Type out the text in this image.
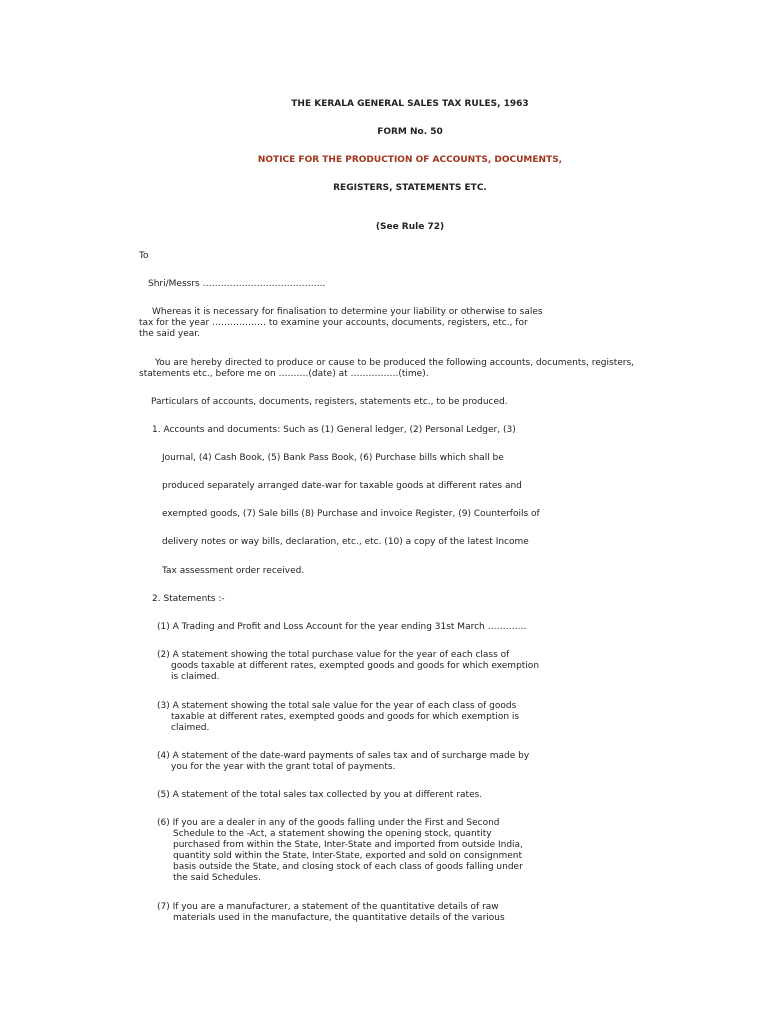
THE KERALA GENERAL SALES TAX RULES, 1963
FORM No. 50
NOTICE FOR THE PRODUCTION OF ACCOUNTS, DOCUMENTS,
REGISTERS, STATEMENTS ETC.
(See Rule 72)
To
Shri/Messrs …………………………………..
Whereas it is necessary for finalisation to determine your liability or otherwise to sales
tax for the year ……………… to examine your accounts, documents, registers, etc., for
the said year.
You are hereby directed to produce or cause to be produced the following accounts, documents, registers,
statements etc., before me on ……….(date) at …………….(time).
Particulars of accounts, documents, registers, statements etc., to be produced.
1. Accounts and documents: Such as (1) General ledger, (2) Personal Ledger, (3)
Journal, (4) Cash Book, (5) Bank Pass Book, (6) Purchase bills which shall be
produced separately arranged date-war for taxable goods at different rates and
exempted goods, (7) Sale bills (8) Purchase and invoice Register, (9) Counterfoils of
delivery notes or way bills, declaration, etc., etc. (10) a copy of the latest Income
Tax assessment order received.
2. Statements :-
(1) A Trading and Profit and Loss Account for the year ending 31st March ………….
(2) A statement showing the total purchase value for the year of each class of
goods taxable at different rates, exempted goods and goods for which exemption
is claimed.
(3) A statement showing the total sale value for the year of each class of goods
taxable at different rates, exempted goods and goods for which exemption is
claimed.
(4) A statement of the date-ward payments of sales tax and of surcharge made by
you for the year with the grant total of payments.
(5) A statement of the total sales tax collected by you at different rates.
(6) If you are a dealer in any of the goods falling under the First and Second
Schedule to the -Act, a statement showing the opening stock, quantity
purchased from within the State, Inter-State and imported from outside India,
quantity sold within the State, Inter-State, exported and sold on consignment
basis outside the State, and closing stock of each class of goods falling under
the said Schedules.
(7) If you are a manufacturer, a statement of the quantitative details of raw
materials used in the manufacture, the quantitative details of the various
